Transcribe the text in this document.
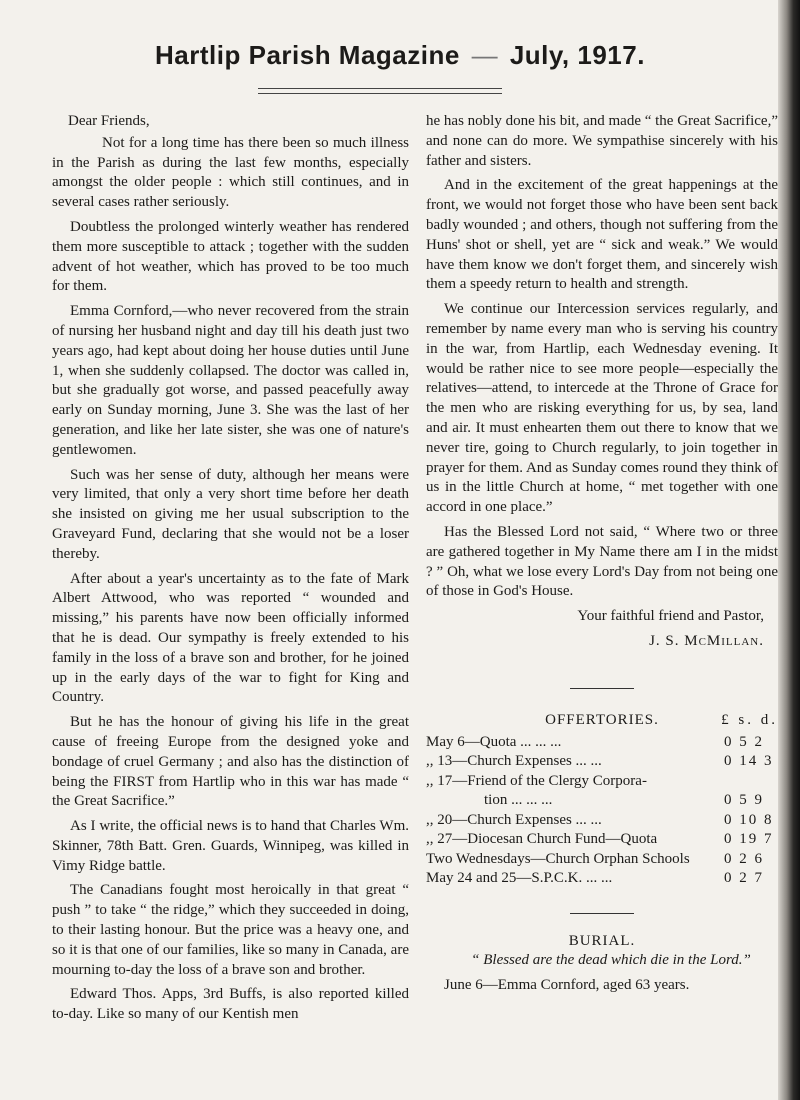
Hartlip Parish Magazine — July, 1917.

Dear Friends,

Not for a long time has there been so much illness in the Parish as during the last few months, especially amongst the older people : which still continues, and in several cases rather seriously.

Doubtless the prolonged winterly weather has rendered them more susceptible to attack ; together with the sudden advent of hot weather, which has proved to be too much for them.

Emma Cornford,—who never recovered from the strain of nursing her husband night and day till his death just two years ago, had kept about doing her house duties until June 1, when she suddenly collapsed. The doctor was called in, but she gradually got worse, and passed peacefully away early on Sunday morning, June 3. She was the last of her generation, and like her late sister, she was one of nature's gentlewomen.

Such was her sense of duty, although her means were very limited, that only a very short time before her death she insisted on giving me her usual subscription to the Graveyard Fund, declaring that she would not be a loser thereby.

After about a year's uncertainty as to the fate of Mark Albert Attwood, who was reported “ wounded and missing,” his parents have now been officially informed that he is dead. Our sympathy is freely extended to his family in the loss of a brave son and brother, for he joined up in the early days of the war to fight for King and Country.

But he has the honour of giving his life in the great cause of freeing Europe from the designed yoke and bondage of cruel Germany ; and also has the distinction of being the FIRST from Hartlip who in this war has made “ the Great Sacrifice.”

As I write, the official news is to hand that Charles Wm. Skinner, 78th Batt. Gren. Guards, Winnipeg, was killed in Vimy Ridge battle.

The Canadians fought most heroically in that great “ push ” to take “ the ridge,” which they succeeded in doing, to their lasting honour. But the price was a heavy one, and so it is that one of our families, like so many in Canada, are mourning to-day the loss of a brave son and brother.

Edward Thos. Apps, 3rd Buffs, is also reported killed to-day. Like so many of our Kentish men

he has nobly done his bit, and made “ the Great Sacrifice,” and none can do more. We sympathise sincerely with his father and sisters.

And in the excitement of the great happenings at the front, we would not forget those who have been sent back badly wounded ; and others, though not suffering from the Huns' shot or shell, yet are “ sick and weak.” We would have them know we don't forget them, and sincerely wish them a speedy return to health and strength.

We continue our Intercession services regularly, and remember by name every man who is serving his country in the war, from Hartlip, each Wednesday evening. It would be rather nice to see more people—especially the relatives—attend, to intercede at the Throne of Grace for the men who are risking everything for us, by sea, land and air. It must enhearten them out there to know that we never tire, going to Church regularly, to join together in prayer for them. And as Sunday comes round they think of us in the little Church at home, “ met together with one accord in one place.”

Has the Blessed Lord not said, “ Where two or three are gathered together in My Name there am I in the midst ? ” Oh, what we lose every Lord's Day from not being one of those in God's House.

Your faithful friend and Pastor,

J. S. McMillan.

OFFERTORIES.	£ s. d.
May 6—Quota ... ... ...	0 5 2
,, 13—Church Expenses ... ...	0 14 3
,, 17—Friend of the Clergy Corpora-	
tion ... ... ...	0 5 9
,, 20—Church Expenses ... ...	0 10 8
,, 27—Diocesan Church Fund—Quota	0 19 7
Two Wednesdays—Church Orphan Schools	0 2 6
May 24 and 25—S.P.C.K. ... ...	0 2 7
BURIAL.

“ Blessed are the dead which die in the Lord.”

June 6—Emma Cornford, aged 63 years.
